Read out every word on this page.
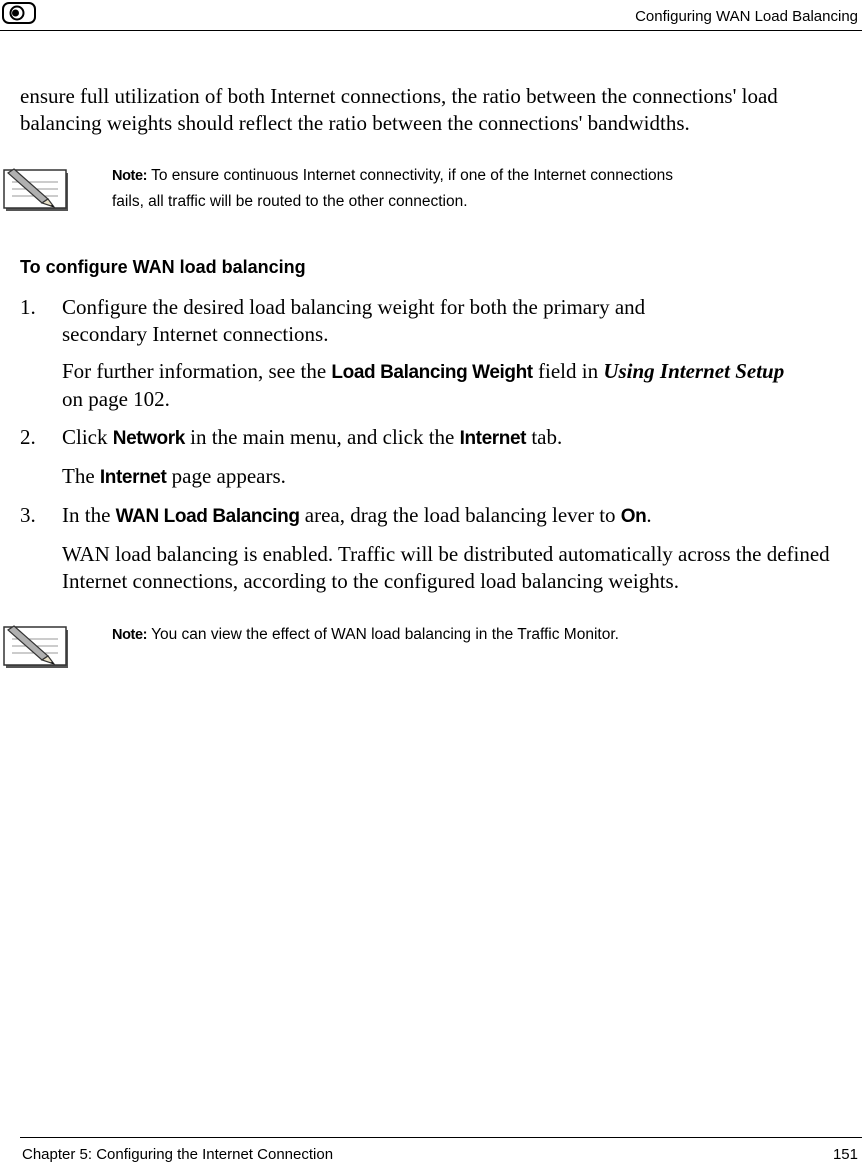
Configuring WAN Load Balancing
ensure full utilization of both Internet connections, the ratio between the connections' load balancing weights should reflect the ratio between the connections' bandwidths.
Note: To ensure continuous Internet connectivity, if one of the Internet connections
fails, all traffic will be routed to the other connection.
To configure WAN load balancing
1. Configure the desired load balancing weight for both the primary and
secondary Internet connections.
For further information, see the Load Balancing Weight field in Using Internet Setup
on page 102.
2. Click Network in the main menu, and click the Internet tab.
The Internet page appears.
3. In the WAN Load Balancing area, drag the load balancing lever to On.
WAN load balancing is enabled. Traffic will be distributed automatically across the defined Internet connections, according to the configured load balancing weights.
Note: You can view the effect of WAN load balancing in the Traffic Monitor.
Chapter 5: Configuring the Internet Connection	151
